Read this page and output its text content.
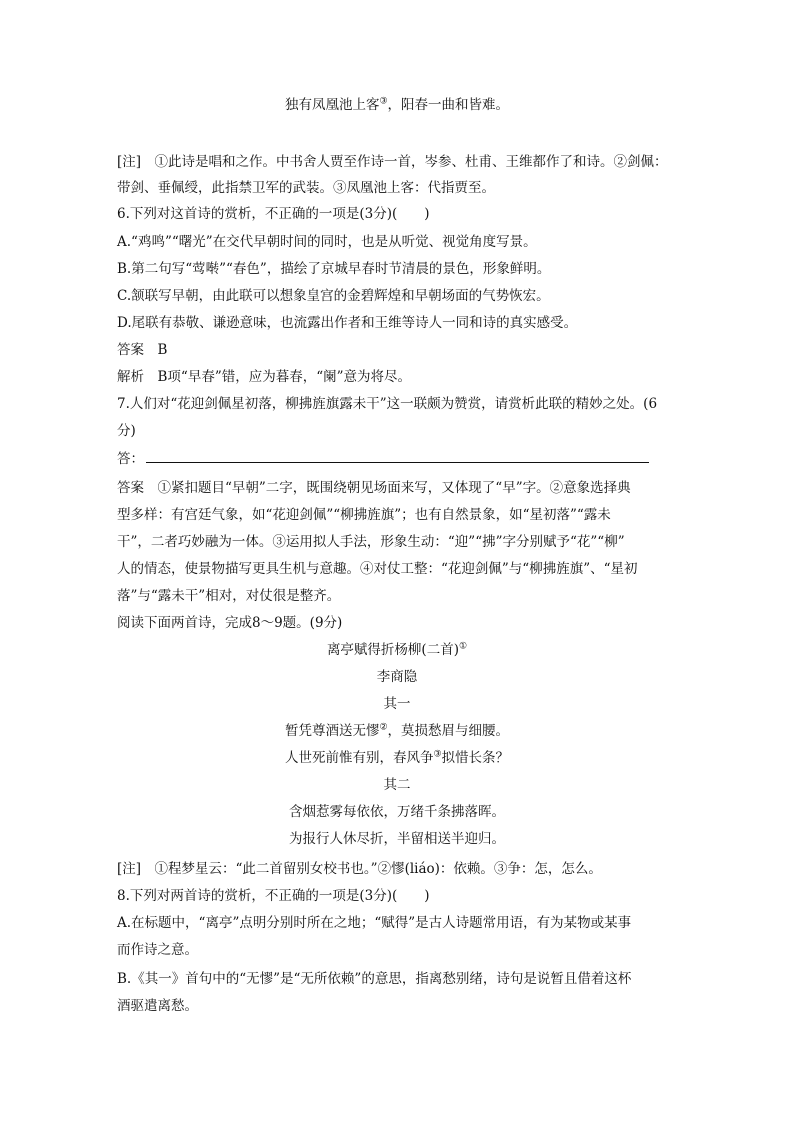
独有凤凰池上客③，阳春一曲和皆难。
[注]　①此诗是唱和之作。中书舍人贾至作诗一首，岑参、杜甫、王维都作了和诗。②剑佩：
带剑、垂佩绶，此指禁卫军的武装。③凤凰池上客：代指贾至。
6.下列对这首诗的赏析，不正确的一项是(3分)(　　)
A.“鸡鸣”“曙光”在交代早朝时间的同时，也是从听觉、视觉角度写景。
B.第二句写“莺啭”“春色”，描绘了京城早春时节清晨的景色，形象鲜明。
C.颔联写早朝，由此联可以想象皇宫的金碧辉煌和早朝场面的气势恢宏。
D.尾联有恭敬、谦逊意味，也流露出作者和王维等诗人一同和诗的真实感受。
答案　B
解析　B项“早春”错，应为暮春，“阑”意为将尽。
7.人们对“花迎剑佩星初落，柳拂旌旗露未干”这一联颇为赞赏，请赏析此联的精妙之处。(6
分)
答：
答案　①紧扣题目“早朝”二字，既围绕朝见场面来写，又体现了“早”字。②意象选择典
型多样：有宫廷气象，如“花迎剑佩”“柳拂旌旗”；也有自然景象，如“星初落”“露未
干”，二者巧妙融为一体。③运用拟人手法，形象生动：“迎”“拂”字分别赋予“花”“柳”
人的情态，使景物描写更具生机与意趣。④对仗工整：“花迎剑佩”与“柳拂旌旗”、“星初
落”与“露未干”相对，对仗很是整齐。
阅读下面两首诗，完成8～9题。(9分)
离亭赋得折杨柳(二首)①
李商隐
其一
暂凭尊酒送无憀②，莫损愁眉与细腰。
人世死前惟有别，春风争③拟惜长条？
其二
含烟惹雾每依依，万绪千条拂落晖。
为报行人休尽折，半留相送半迎归。
[注]　①程梦星云：“此二首留别女校书也。”②憀(liáo)：依赖。③争：怎，怎么。
8.下列对两首诗的赏析，不正确的一项是(3分)(　　)
A.在标题中，“离亭”点明分别时所在之地；“赋得”是古人诗题常用语，有为某物或某事
而作诗之意。
B.《其一》首句中的“无憀”是“无所依赖”的意思，指离愁别绪，诗句是说暂且借着这杯
酒驱遣离愁。
